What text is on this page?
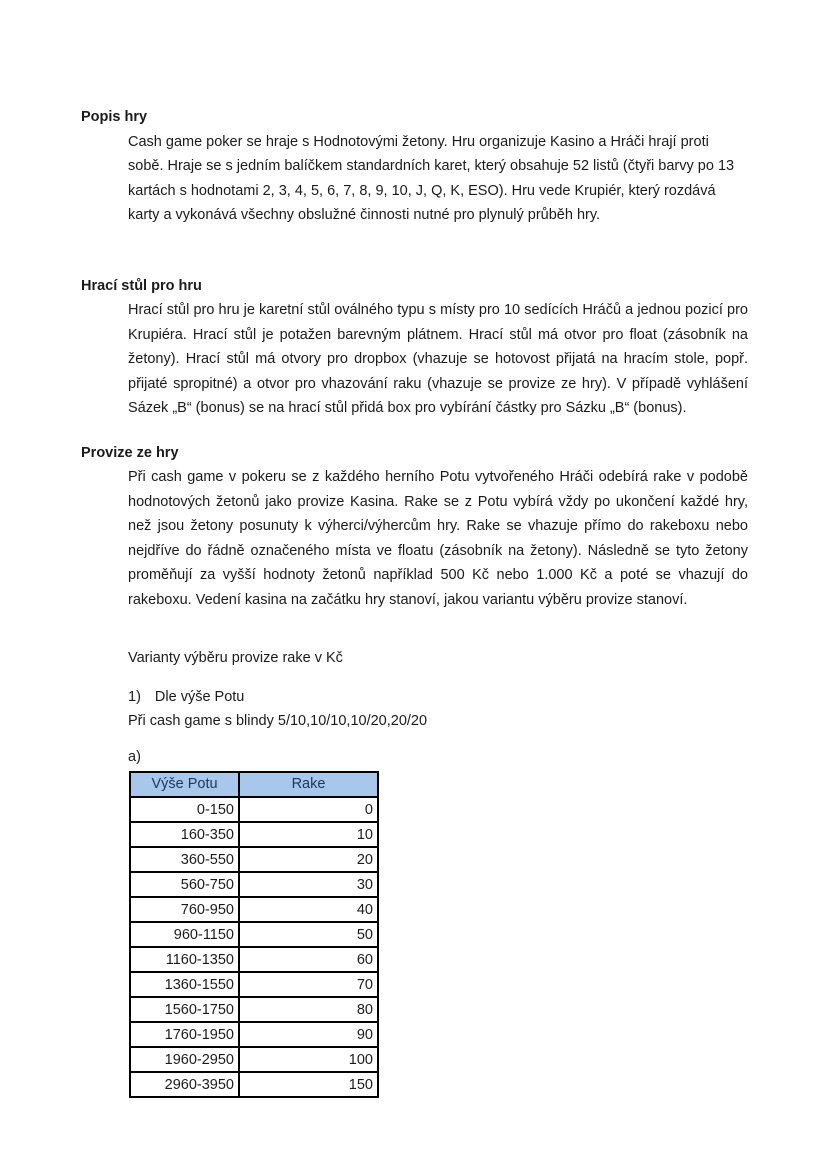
Popis hry

Cash game poker se hraje s Hodnotovými žetony. Hru organizuje Kasino a Hráči hrají proti sobě. Hraje se s jedním balíčkem standardních karet, který obsahuje 52 listů (čtyři barvy po 13 kartách s hodnotami 2, 3, 4, 5, 6, 7, 8, 9, 10, J, Q, K, ESO). Hru vede Krupiér, který rozdává karty a vykonává všechny obslužné činnosti nutné pro plynulý průběh hry.

Hrací stůl pro hru

Hrací stůl pro hru je karetní stůl oválného typu s místy pro 10 sedících Hráčů a jednou pozicí pro Krupiéra. Hrací stůl je potažen barevným plátnem. Hrací stůl má otvor pro float (zásobník na žetony). Hrací stůl má otvory pro dropbox (vhazuje se hotovost přijatá na hracím stole, popř. přijaté spropitné) a otvor pro vhazování raku (vhazuje se provize ze hry). V případě vyhlášení Sázek „B“ (bonus) se na hrací stůl přidá box pro vybírání částky pro Sázku „B“ (bonus).

Provize ze hry

Při cash game v pokeru se z každého herního Potu vytvořeného Hráči odebírá rake v podobě hodnotových žetonů jako provize Kasina. Rake se z Potu vybírá vždy po ukončení každé hry, než jsou žetony posunuty k výherci/výhercům hry. Rake se vhazuje přímo do rakeboxu nebo nejdříve do řádně označeného místa ve floatu (zásobník na žetony). Následně se tyto žetony proměňují za vyšší hodnoty žetonů například 500 Kč nebo 1.000 Kč a poté se vhazují do rakeboxu. Vedení kasina na začátku hry stanoví, jakou variantu výběru provize stanoví.

Varianty výběru provize rake v Kč

1) Dle výše Potu

Při cash game s blindy 5/10,10/10,10/20,20/20

a)

Výše Potu	Rake
0-150	0
160-350	10
360-550	20
560-750	30
760-950	40
960-1150	50
1160-1350	60
1360-1550	70
1560-1750	80
1760-1950	90
1960-2950	100
2960-3950	150
